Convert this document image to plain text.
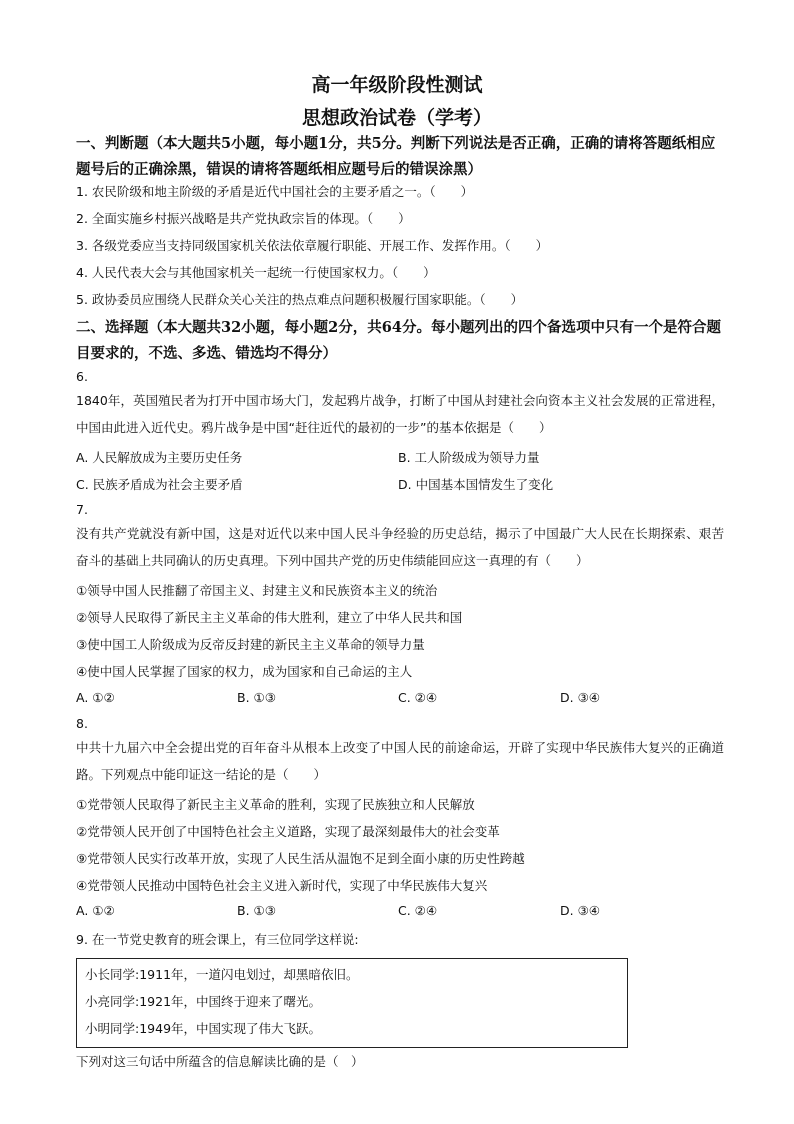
高一年级阶段性测试
思想政治试卷（学考）
一、判断题（本大题共5小题，每小题1分，共5分。判断下列说法是否正确，正确的请将答题纸相应题号后的正确涂黑，错误的请将答题纸相应题号后的错误涂黑）
1. 农民阶级和地主阶级的矛盾是近代中国社会的主要矛盾之一。（　　）
2. 全面实施乡村振兴战略是共产党执政宗旨的体现。（　　）
3. 各级党委应当支持同级国家机关依法依章履行职能、开展工作、发挥作用。（　　）
4. 人民代表大会与其他国家机关一起统一行使国家权力。（　　）
5. 政协委员应围绕人民群众关心关注的热点难点问题积极履行国家职能。（　　）
二、选择题（本大题共32小题，每小题2分，共64分。每小题列出的四个备选项中只有一个是符合题目要求的，不选、多选、错选均不得分）
6.
1840年，英国殖民者为打开中国市场大门，发起鸦片战争，打断了中国从封建社会向资本主义社会发展的正常进程，中国由此进入近代史。鸦片战争是中国“赶往近代的最初的一步”的基本依据是（　　）
A. 人民解放成为主要历史任务	B. 工人阶级成为领导力量
C. 民族矛盾成为社会主要矛盾	D. 中国基本国情发生了变化
7.
没有共产党就没有新中国，这是对近代以来中国人民斗争经验的历史总结，揭示了中国最广大人民在长期探索、艰苦奋斗的基础上共同确认的历史真理。下列中国共产党的历史伟绩能回应这一真理的有（　　）
①领导中国人民推翻了帝国主义、封建主义和民族资本主义的统治
②领导人民取得了新民主主义革命的伟大胜利，建立了中华人民共和国
③使中国工人阶级成为反帝反封建的新民主主义革命的领导力量
④使中国人民掌握了国家的权力，成为国家和自己命运的主人
A. ①②	B. ①③	C. ②④	D. ③④
8.
中共十九届六中全会提出党的百年奋斗从根本上改变了中国人民的前途命运，开辟了实现中华民族伟大复兴的正确道路。下列观点中能印证这一结论的是（　　）
①党带领人民取得了新民主主义革命的胜利，实现了民族独立和人民解放
②党带领人民开创了中国特色社会主义道路，实现了最深刻最伟大的社会变革
⑨党带领人民实行改革开放，实现了人民生活从温饱不足到全面小康的历史性跨越
④党带领人民推动中国特色社会主义进入新时代，实现了中华民族伟大复兴
A. ①②	B. ①③	C. ②④	D. ③④
9. 在一节党史教育的班会课上，有三位同学这样说:
小长同学:1911年，一道闪电划过，却黑暗依旧。
小亮同学:1921年，中国终于迎来了曙光。
小明同学:1949年，中国实现了伟大飞跃。
下列对这三句话中所蕴含的信息解读比确的是（　）
